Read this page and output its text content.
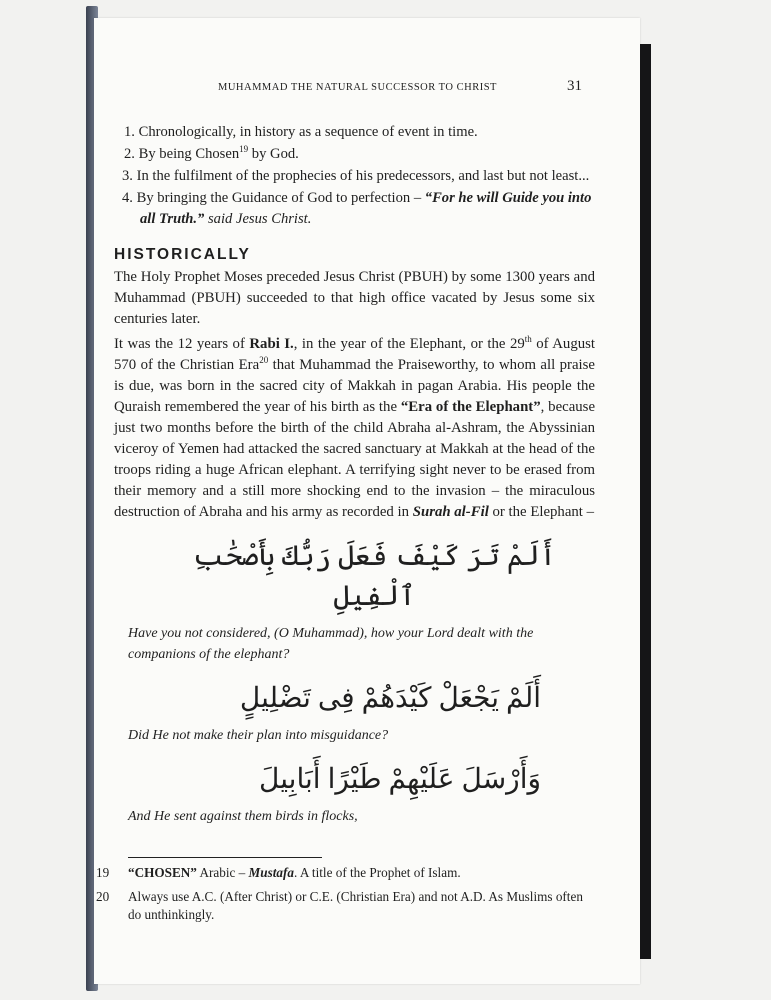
MUHAMMAD THE NATURAL SUCCESSOR TO CHRIST	31
1. Chronologically, in history as a sequence of event in time.
2. By being Chosen$^{19}$ by God.
3. In the fulfilment of the prophecies of his predecessors, and last but not least...
4. By bringing the Guidance of God to perfection – “For he will Guide you into all Truth.” said Jesus Christ.
HISTORICALLY

The Holy Prophet Moses preceded Jesus Christ (PBUH) by some 1300 years and Muhammad (PBUH) succeeded to that high office vacated by Jesus some six centuries later.

It was the 12 years of Rabi I., in the year of the Elephant, or the 29th of August 570 of the Christian Era$^{20}$ that Muhammad the Praiseworthy, to whom all praise is due, was born in the sacred city of Makkah in pagan Arabia. His people the Quraish remembered the year of his birth as the “Era of the Elephant”, because just two months before the birth of the child Abraha al-Ashram, the Abyssinian viceroy of Yemen had attacked the sacred sanctuary at Makkah at the head of the troops riding a huge African elephant. A terrifying sight never to be erased from their memory and a still more shocking end to the invasion – the miraculous destruction of Abraha and his army as recorded in Surah al-Fil or the Elephant –

أَلَمْ تَرَ كَيْفَ فَعَلَ رَبُّكَ بِأَصْحَٰبِ ٱلْفِيلِ
Have you not considered, (O Muhammad), how your Lord dealt with the companions of the elephant?
أَلَمْ يَجْعَلْ كَيْدَهُمْ فِى تَضْلِيلٍ
Did He not make their plan into misguidance?
وَأَرْسَلَ عَلَيْهِمْ طَيْرًا أَبَابِيلَ
And He sent against them birds in flocks,
19	“CHOSEN” Arabic – Mustafa. A title of the Prophet of Islam.
20	Always use A.C. (After Christ) or C.E. (Christian Era) and not A.D. As Muslims often do unthinkingly.
